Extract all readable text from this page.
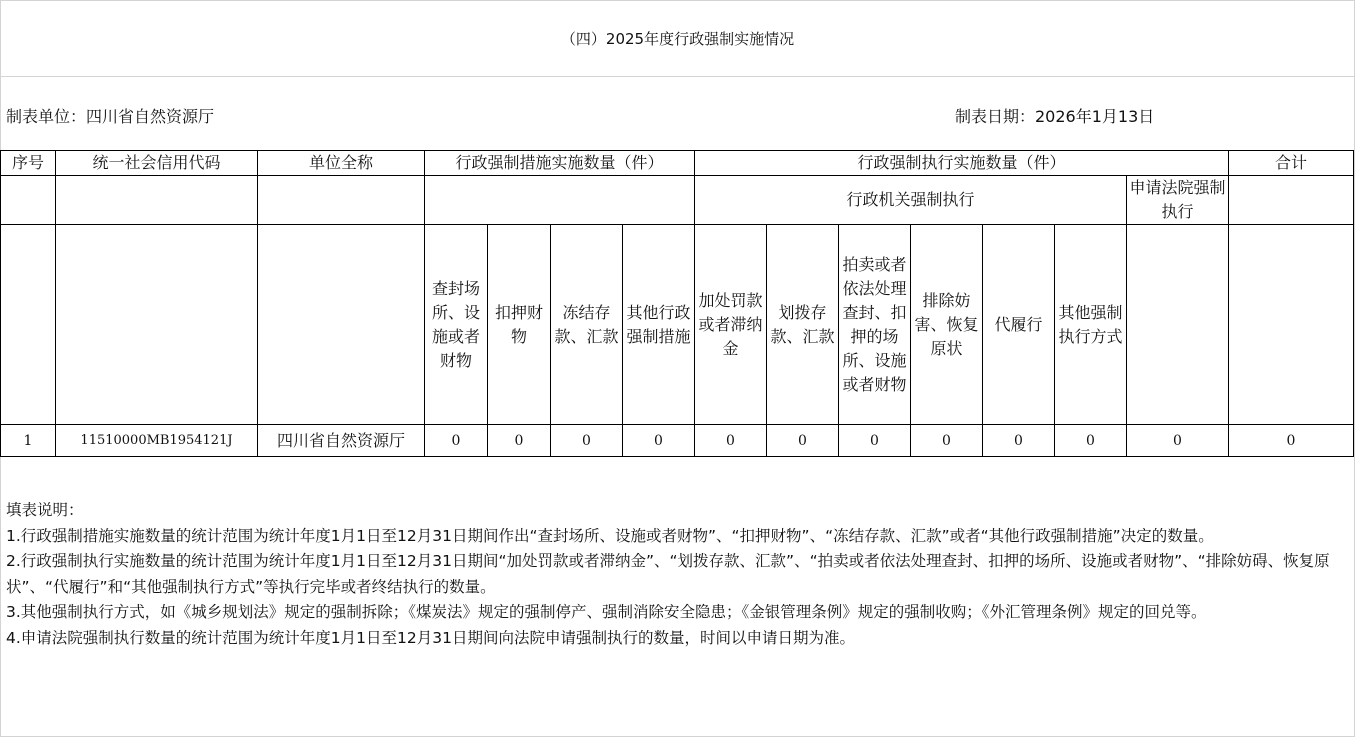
（四）2025年度行政强制实施情况
制表单位：四川省自然资源厅	制表日期：2026年1月13日
序号	统一社会信用代码	单位全称	行政强制措施实施数量（件）				行政强制执行实施数量（件）							合计
							行政机关强制执行						申请法院强制执行	
			查封场所、设施或者财物	扣押财物	冻结存款、汇款	其他行政强制措施	加处罚款或者滞纳金	划拨存款、汇款	拍卖或者依法处理查封、扣押的场所、设施或者财物	排除妨害、恢复原状	代履行	其他强制执行方式		
1	11510000MB1954121J	四川省自然资源厅	0	0	0	0	0	0	0	0	0	0	0	0
填表说明：
1.行政强制措施实施数量的统计范围为统计年度1月1日至12月31日期间作出“查封场所、设施或者财物”、“扣押财物”、“冻结存款、汇款”或者“其他行政强制措施”决定的数量。
2.行政强制执行实施数量的统计范围为统计年度1月1日至12月31日期间“加处罚款或者滞纳金”、“划拨存款、汇款”、“拍卖或者依法处理查封、扣押的场所、设施或者财物”、“排除妨碍、恢复原状”、“代履行”和“其他强制执行方式”等执行完毕或者终结执行的数量。
3.其他强制执行方式，如《城乡规划法》规定的强制拆除；《煤炭法》规定的强制停产、强制消除安全隐患；《金银管理条例》规定的强制收购；《外汇管理条例》规定的回兑等。
4.申请法院强制执行数量的统计范围为统计年度1月1日至12月31日期间向法院申请强制执行的数量，时间以申请日期为准。
